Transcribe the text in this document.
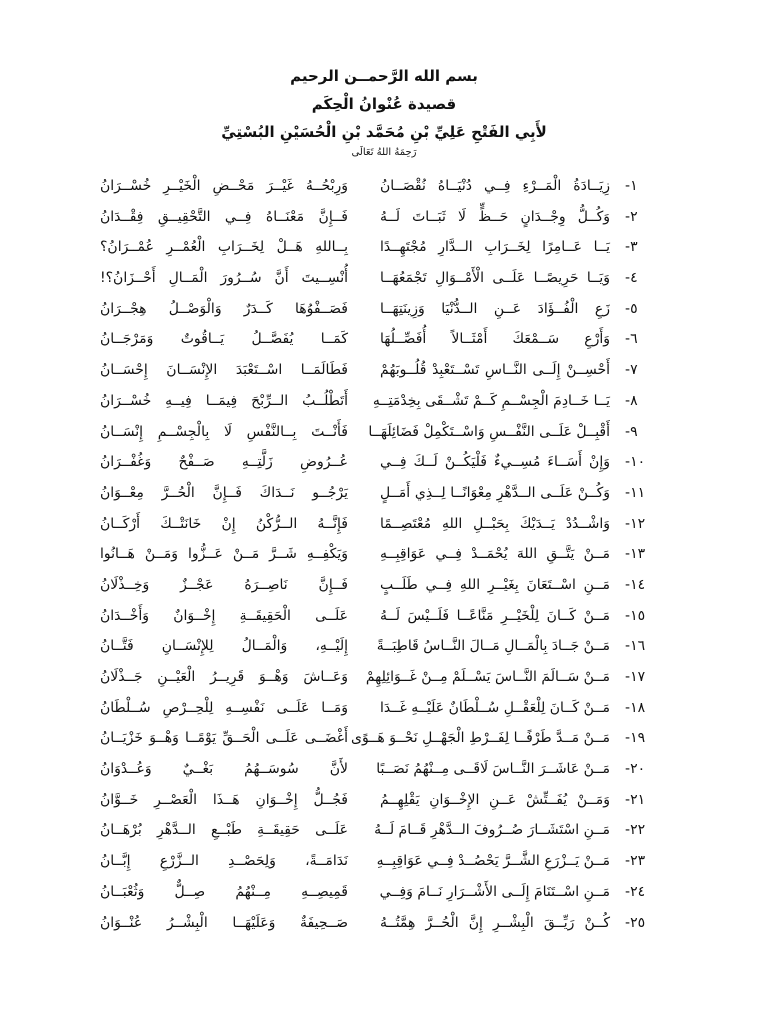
بسم الله الرَّحمــن الرحيم
قصيدة عُنْوانُ الْحِكَم
لأَبِي الفَتْحِ عَلِيِّ بْنِ مُحَمَّد بْنِ الْحُسَيْنِ البُسْتِيِّ
رَحِمَهُ اللهُ تَعَالَى
١-
زِيَــادَةُ الْمَــرْءِ فِــي دُنْيَــاهُ نُقْصَــانُ
وَرِبْحُــهُ غَيْــرَ مَحْــضِ الْخَيْــرِ خُسْــرَانُ
٢-
وَكُــلُّ وِجْــدَانٍ حَــظٍّ لَا ثَبَــاتَ لَــهُ
فَــإِنَّ مَعْنَــاهُ فِــي التَّحْقِيــقِ فِقْــدَانُ
٣-
يَــا عَــامِرًا لِخَــرَابِ الــدَّارِ مُجْتَهِــدًا
بِــاللهِ هَــلْ لِخَــرَابِ الْعُمْــرِ عُمْــرَانُ؟
٤-
وَيَــا حَرِيصًــا عَلَــى الْأَمْــوَالِ تَجْمَعُهَــا
أُنْسِــيتَ أَنَّ سُــرُورَ الْمَــالِ أَحْــزَانُ؟!
٥-
زَعِ الْفُــؤَادَ عَــنِ الــدُّنْيَا وَزِينَتِهَــا
فَصَــفْوُهَا كَــدَرٌ وَالْوَصْــلُ هِجْــرَانُ
٦-
وَأَرْعِ سَــمْعَكَ أَمْثَــالاً أُفَصِّــلُهَا
كَمَــا يُفَصَّــلُ يَــاقُوتٌ وَمَرْجَــانُ
٧-
أَحْسِــنْ إِلَــى النَّــاسِ تَسْــتَعْبِدْ قُلُــوبَهُمْ
فَطَالَمَــا اسْــتَعْبَدَ الإِنْسَــانَ إِحْسَــانُ
٨-
يَــا خَــادِمَ الْجِسْــمِ كَــمْ تَشْــقَى بِخِدْمَتِــهِ
أَتَطْلُــبُ الــرِّبْحَ فِيمَــا فِيــهِ خُسْــرَانُ
٩-
أَقْبِــلْ عَلَــى النَّفْــسِ وَاسْــتَكْمِلْ فَضَائِلَهَــا
فَأَنْــتَ بِــالنَّفْسِ لَا بِالْجِسْــمِ إِنْسَــانُ
١٠-
وَإِنْ أَسَــاءَ مُسِــيءٌ فَلْيَكُــنْ لَــكَ فِــي
عُــرُوضِ زَلَّتِــهِ صَــفْحٌ وَغُفْــرَانُ
١١-
وَكُــنْ عَلَــى الــدَّهْرِ مِعْوَانًــا لِــذِي أَمَــلٍ
يَرْجُــو نَــدَاكَ فَــإِنَّ الْحُــرَّ مِعْــوَانُ
١٢-
وَاشْــدُدْ يَــدَيْكَ بِحَبْــلِ اللهِ مُعْتَصِــمًا
فَإِنَّــهُ الــرُّكْنُ إِنْ خَانَتْــكَ أَرْكَــانُ
١٣-
مَــنْ يَتَّــقِ اللهَ يُحْمَــدْ فِــي عَوَاقِبِــهِ
وَيَكْفِــهِ شَــرَّ مَــنْ عَــزُّوا وَمَــنْ هَــانُوا
١٤-
مَــنِ اسْــتَعَانَ بِغَيْــرِ اللهِ فِــي طَلَــبٍ
فَــإِنَّ نَاصِــرَهُ عَجْــزٌ وَخِــذْلَانُ
١٥-
مَــنْ كَــانَ لِلْخَيْــرِ مَنَّاعًــا فَلَــيْسَ لَــهُ
عَلَــى الْحَقِيقَــةِ إِخْــوَانٌ وَأَخْــدَانُ
١٦-
مَــنْ جَــادَ بِالْمَــالِ مَــالَ النَّــاسُ قَاطِبَــةً
إِلَيْــهِ، وَالْمَــالُ لِلإِنْسَــانِ فَتَّــانُ
١٧-
مَــنْ سَــالَمَ النَّــاسَ يَسْــلَمْ مِــنْ غَــوَائِلِهِمْ
وَعَــاشَ وَهْــوَ قَرِيــرُ الْعَيْــنِ جَــذْلَانُ
١٨-
مَــنْ كَــانَ لِلْعَقْــلِ سُــلْطَانٌ عَلَيْــهِ غَــدَا
وَمَــا عَلَــى نَفْسِــهِ لِلْحِــرْصِ سُــلْطَانُ
١٩-
مَــنْ مَــدَّ طَرْفًــا لِفَــرْطِ الْجَهْــلِ نَحْــوَ هَــوًى
أَغْضَــى عَلَــى الْحَــقِّ يَوْمًــا وَهْــوَ خَزْيَــانُ
٢٠-
مَــنْ عَاشَــرَ النَّــاسَ لَاقَــى مِــنْهُمُ نَصَــبًا
لأَنَّ سُوسَــهُمُ بَغْــيٌ وَعُــدْوَانُ
٢١-
وَمَــنْ يُفَــتِّشْ عَــنِ الإِخْــوَانِ يَقْلِهِــمُ
فَجُــلُّ إِخْــوَانِ هَــذَا الْعَصْــرِ خَــوَّانُ
٢٢-
مَــنِ اسْتَشَــارَ صُــرُوفَ الــدَّهْرِ قَــامَ لَــهُ
عَلَــى حَقِيقَــةِ طَبْــعِ الــدَّهْرِ بُرْهَــانُ
٢٣-
مَــنْ يَــزْرَعِ الشَّــرَّ يَحْصُــدْ فِــي عَوَاقِبِــهِ
نَدَامَــةً، وَلِحَصْــدِ الــزَّرْعِ إِبَّــانُ
٢٤-
مَــنِ اسْــتَنَامَ إِلَــى الأَشْــرَارِ نَــامَ وَفِــي
قَمِيصِــهِ مِــنْهُمُ صِــلٌّ وَثُعْبَــانُ
٢٥-
كُــنْ رَيِّــقَ الْبِشْــرِ إِنَّ الْحُــرَّ هِمَّتُــهُ
صَــحِيفَةٌ وَعَلَيْهَــا الْبِشْــرُ عُنْــوَانُ
